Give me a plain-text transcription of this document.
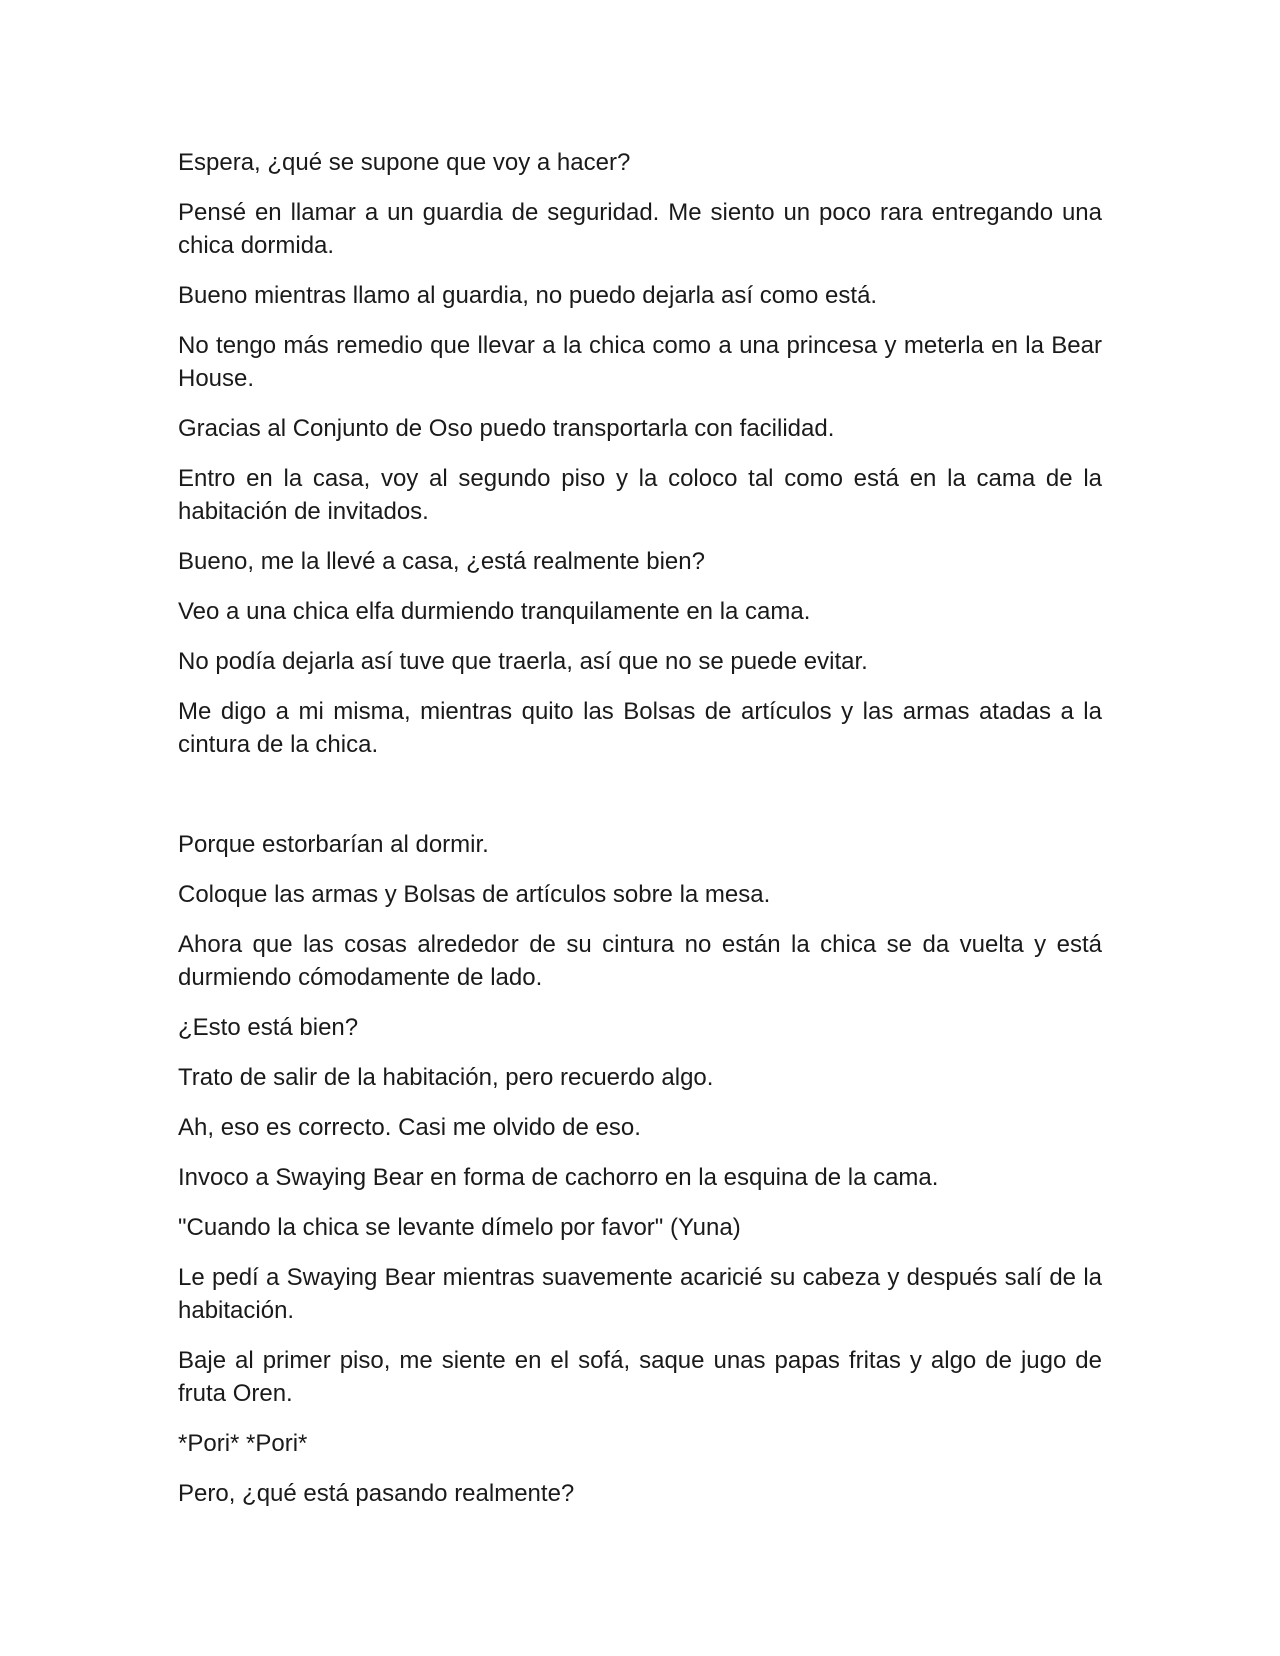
Espera, ¿qué se supone que voy a hacer?

Pensé en llamar a un guardia de seguridad. Me siento un poco rara entregando una chica dormida.

Bueno mientras llamo al guardia, no puedo dejarla así como está.

No tengo más remedio que llevar a la chica como a una princesa y meterla en la Bear House.

Gracias al Conjunto de Oso puedo transportarla con facilidad.

Entro en la casa, voy al segundo piso y la coloco tal como está en la cama de la habitación de invitados.

Bueno, me la llevé a casa, ¿está realmente bien?

Veo a una chica elfa durmiendo tranquilamente en la cama.

No podía dejarla así tuve que traerla, así que no se puede evitar.

Me digo a mi misma, mientras quito las Bolsas de artículos y las armas atadas a la cintura de la chica.

Porque estorbarían al dormir.

Coloque las armas y Bolsas de artículos sobre la mesa.

Ahora que las cosas alrededor de su cintura no están la chica se da vuelta y está durmiendo cómodamente de lado.

¿Esto está bien?

Trato de salir de la habitación, pero recuerdo algo.

Ah, eso es correcto. Casi me olvido de eso.

Invoco a Swaying Bear en forma de cachorro en la esquina de la cama.

"Cuando la chica se levante dímelo por favor" (Yuna)

Le pedí a Swaying Bear mientras suavemente acaricié su cabeza y después salí de la habitación.

Baje al primer piso, me siente en el sofá, saque unas papas fritas y algo de jugo de fruta Oren.

*Pori* *Pori*

Pero, ¿qué está pasando realmente?
